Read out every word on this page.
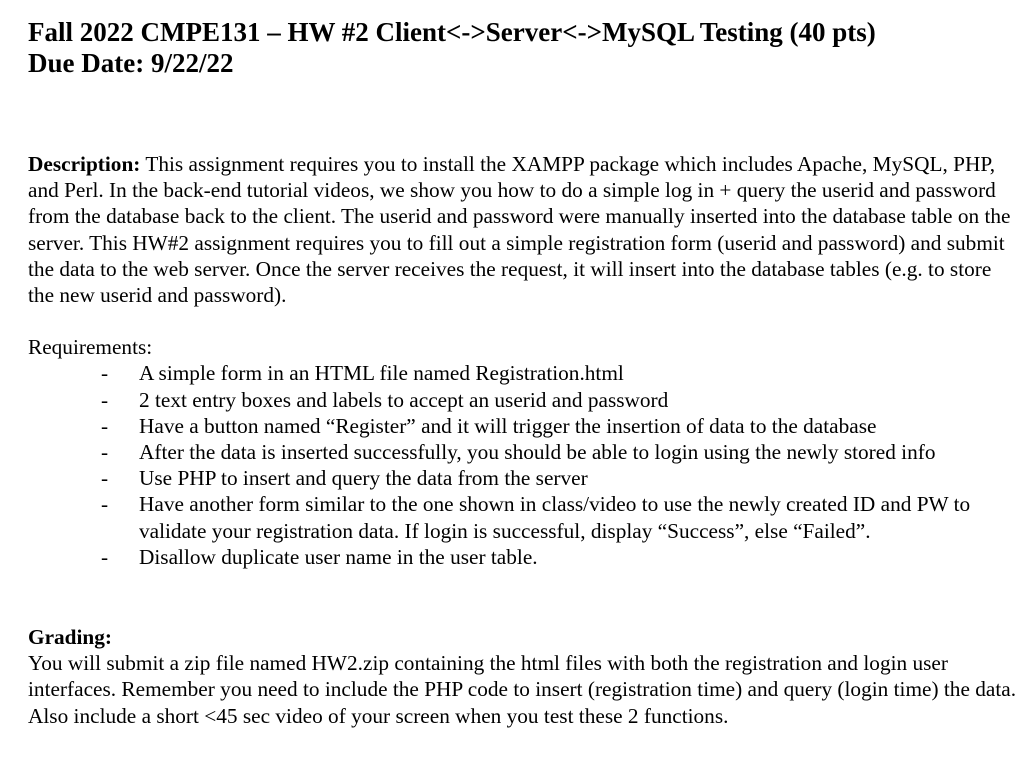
Fall 2022 CMPE131 – HW #2 Client<->Server<->MySQL Testing (40 pts)

Due Date: 9/22/22

Description: This assignment requires you to install the XAMPP package which includes Apache, MySQL, PHP, and Perl. In the back-end tutorial videos, we show you how to do a simple log in + query the userid and password from the database back to the client. The userid and password were manually inserted into the database table on the server. This HW#2 assignment requires you to fill out a simple registration form (userid and password) and submit the data to the web server. Once the server receives the request, it will insert into the database tables (e.g. to store the new userid and password).

Requirements:

- A simple form in an HTML file named Registration.html
- 2 text entry boxes and labels to accept an userid and password
- Have a button named “Register” and it will trigger the insertion of data to the database
- After the data is inserted successfully, you should be able to login using the newly stored info
- Use PHP to insert and query the data from the server
- Have another form similar to the one shown in class/video to use the newly created ID and PW to validate your registration data. If login is successful, display “Success”, else “Failed”.
- Disallow duplicate user name in the user table.

Grading:

You will submit a zip file named HW2.zip containing the html files with both the registration and login user interfaces. Remember you need to include the PHP code to insert (registration time) and query (login time) the data. Also include a short <45 sec video of your screen when you test these 2 functions.
